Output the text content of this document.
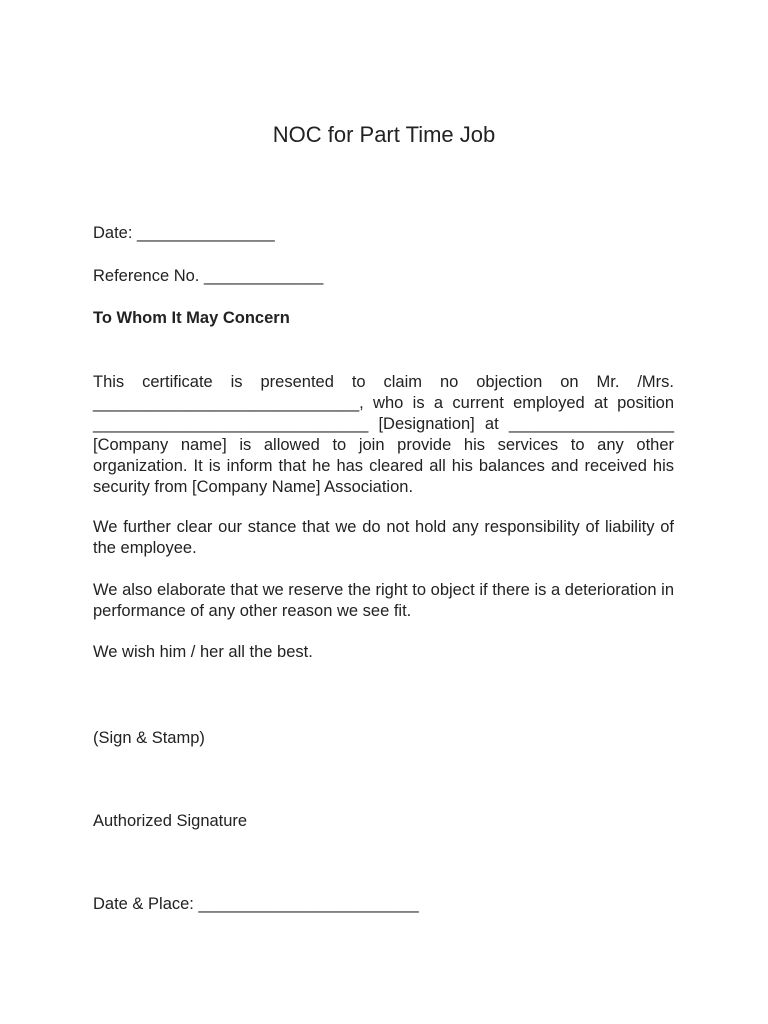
NOC for Part Time Job
Date: _______________
Reference No. _____________
To Whom It May Concern
This certificate is presented to claim no objection on Mr. /Mrs. _____________________________, who is a current employed at position ______________________________ [Designation] at __________________ [Company name] is allowed to join provide his services to any other organization. It is inform that he has cleared all his balances and received his security from [Company Name] Association.
We further clear our stance that we do not hold any responsibility of liability of the employee.
We also elaborate that we reserve the right to object if there is a deterioration in performance of any other reason we see fit.
We wish him / her all the best.
(Sign & Stamp)
Authorized Signature
Date & Place: ________________________
